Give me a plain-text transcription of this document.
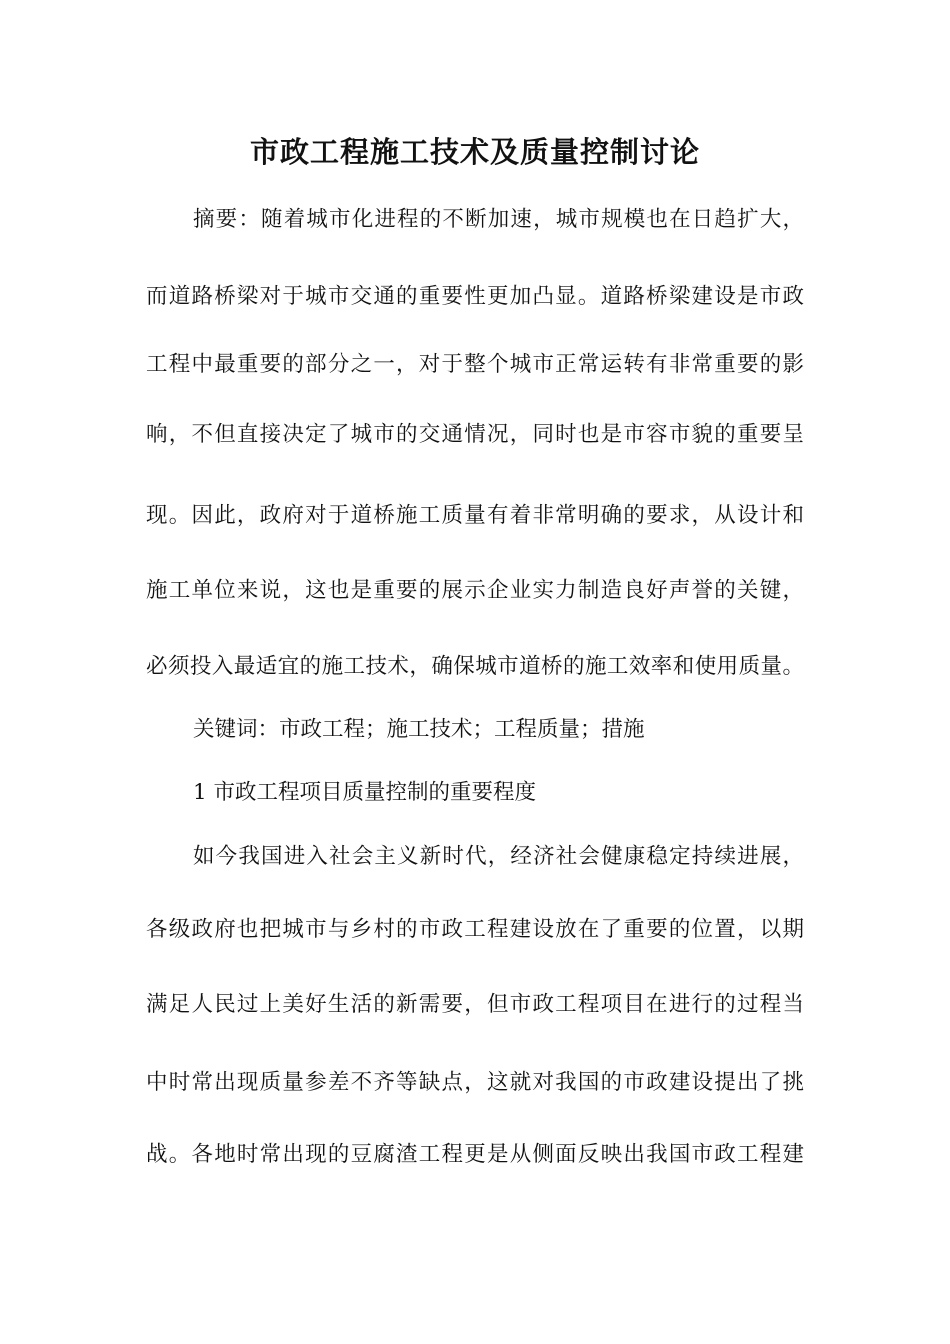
市政工程施工技术及质量控制讨论
摘要：随着城市化进程的不断加速，城市规模也在日趋扩大，
而道路桥梁对于城市交通的重要性更加凸显。道路桥梁建设是市政
工程中最重要的部分之一，对于整个城市正常运转有非常重要的影
响，不但直接决定了城市的交通情况，同时也是市容市貌的重要呈
现。因此，政府对于道桥施工质量有着非常明确的要求，从设计和
施工单位来说，这也是重要的展示企业实力制造良好声誉的关键，
必须投入最适宜的施工技术，确保城市道桥的施工效率和使用质量。
关键词：市政工程；施工技术；工程质量；措施
1 市政工程项目质量控制的重要程度
如今我国进入社会主义新时代，经济社会健康稳定持续进展，
各级政府也把城市与乡村的市政工程建设放在了重要的位置，以期
满足人民过上美好生活的新需要，但市政工程项目在进行的过程当
中时常出现质量参差不齐等缺点，这就对我国的市政建设提出了挑
战。各地时常出现的豆腐渣工程更是从侧面反映出我国市政工程建
